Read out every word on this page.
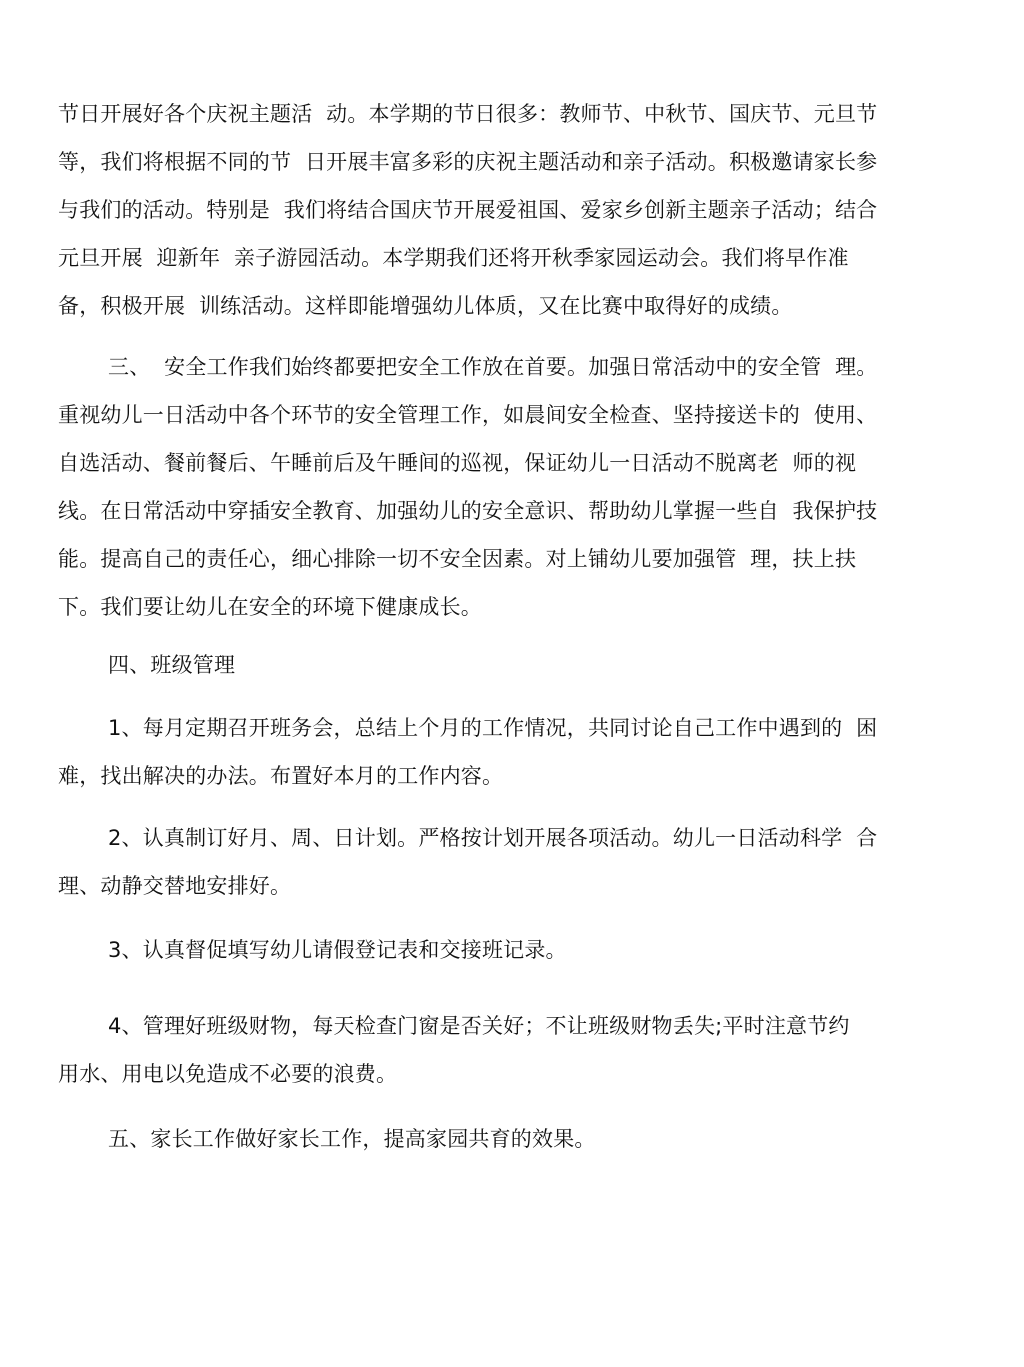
节日开展好各个庆祝主题活  动。本学期的节日很多：教师节、中秋节、国庆节、元旦节
等，我们将根据不同的节  日开展丰富多彩的庆祝主题活动和亲子活动。积极邀请家长参
与我们的活动。特别是  我们将结合国庆节开展爱祖国、爱家乡创新主题亲子活动；结合
元旦开展  迎新年  亲子游园活动。本学期我们还将开秋季家园运动会。我们将早作准
备，积极开展  训练活动。这样即能增强幼儿体质，又在比赛中取得好的成绩。
三、  安全工作我们始终都要把安全工作放在首要。加强日常活动中的安全管  理。
重视幼儿一日活动中各个环节的安全管理工作，如晨间安全检查、坚持接送卡的  使用、
自选活动、餐前餐后、午睡前后及午睡间的巡视，保证幼儿一日活动不脱离老  师的视
线。在日常活动中穿插安全教育、加强幼儿的安全意识、帮助幼儿掌握一些自  我保护技
能。提高自己的责任心，细心排除一切不安全因素。对上铺幼儿要加强管  理，扶上扶
下。我们要让幼儿在安全的环境下健康成长。
四、班级管理
1、每月定期召开班务会，总结上个月的工作情况，共同讨论自己工作中遇到的  困
难，找出解决的办法。布置好本月的工作内容。
2、认真制订好月、周、日计划。严格按计划开展各项活动。幼儿一日活动科学  合
理、动静交替地安排好。
3、认真督促填写幼儿请假登记表和交接班记录。
4、管理好班级财物，每天检查门窗是否关好；不让班级财物丢失;平时注意节约
用水、用电以免造成不必要的浪费。
五、家长工作做好家长工作，提高家园共育的效果。
